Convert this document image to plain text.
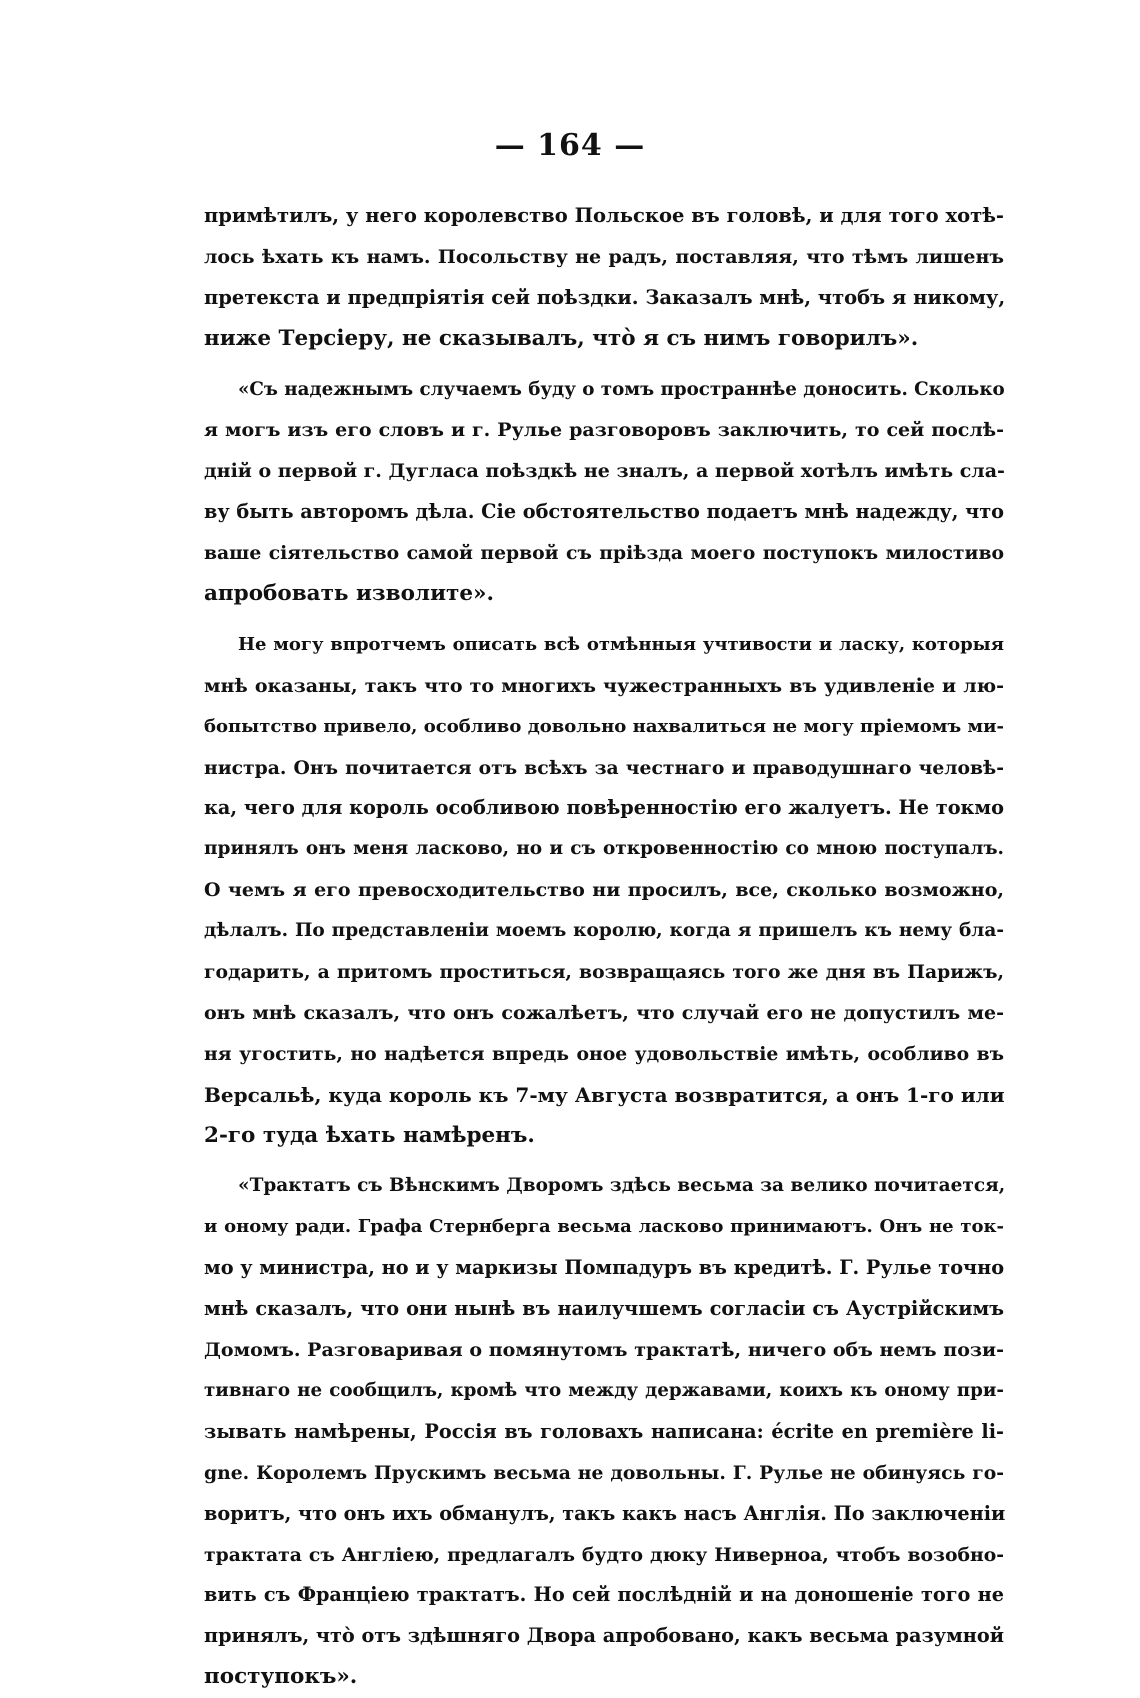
— 164 —
примѣтилъ, у него королевство Польское въ головѣ, и для того хотѣ-
лось ѣхать къ намъ. Посольству не радъ, поставляя, что тѣмъ лишенъ
претекста и предпріятія сей поѣздки. Заказалъ мнѣ, чтобъ я никому,
ниже Терсіеру, не сказывалъ, что̀ я съ нимъ говорилъ».
«Съ надежнымъ случаемъ буду о томъ пространнѣе доносить. Сколько
я могъ изъ его словъ и г. Рулье разговоровъ заключить, то сей послѣ-
дній о первой г. Дугласа поѣздкѣ не зналъ, а первой хотѣлъ имѣть сла-
ву быть авторомъ дѣла. Сіе обстоятельство подаетъ мнѣ надежду, что
ваше сіятельство самой первой съ пріѣзда моего поступокъ милостиво
апробовать изволите».
Не могу впротчемъ описать всѣ отмѣнныя учтивости и ласку, которыя
мнѣ оказаны, такъ что то многихъ чужестранныхъ въ удивленіе и лю-
бопытство привело, особливо довольно нахвалиться не могу пріемомъ ми-
нистра. Онъ почитается отъ всѣхъ за честнаго и праводушнаго человѣ-
ка, чего для король особливою повѣренностію его жалуетъ. Не токмо
принялъ онъ меня ласково, но и съ откровенностію со мною поступалъ.
О чемъ я его превосходительство ни просилъ, все, сколько возможно,
дѣлалъ. По представленіи моемъ королю, когда я пришелъ къ нему бла-
годарить, а притомъ проститься, возвращаясь того же дня въ Парижъ,
онъ мнѣ сказалъ, что онъ сожалѣетъ, что случай его не допустилъ ме-
ня угостить, но надѣется впредь оное удовольствіе имѣть, особливо въ
Версальѣ, куда король къ 7-му Августа возвратится, а онъ 1-го или
2-го туда ѣхать намѣренъ.
«Трактатъ съ Вѣнскимъ Дворомъ здѣсь весьма за велико почитается,
и оному ради. Графа Стернберга весьма ласково принимаютъ. Онъ не ток-
мо у министра, но и у маркизы Помпадуръ въ кредитѣ. Г. Рулье точно
мнѣ сказалъ, что они нынѣ въ наилучшемъ согласіи съ Аустрійскимъ
Домомъ. Разговаривая о помянутомъ трактатѣ, ничего объ немъ пози-
тивнаго не сообщилъ, кромѣ что между державами, коихъ къ оному при-
зывать намѣрены, Россія въ головахъ написана: écrite en première li-
gne. Королемъ Прускимъ весьма не довольны. Г. Рулье не обинуясь го-
воритъ, что онъ ихъ обманулъ, такъ какъ насъ Англія. По заключеніи
трактата съ Англіею, предлагалъ будто дюку Ниверноа, чтобъ возобно-
вить съ Франціею трактатъ. Но сей послѣдній и на доношеніе того не
принялъ, что̀ отъ здѣшняго Двора апробовано, какъ весьма разумной
поступокъ».
